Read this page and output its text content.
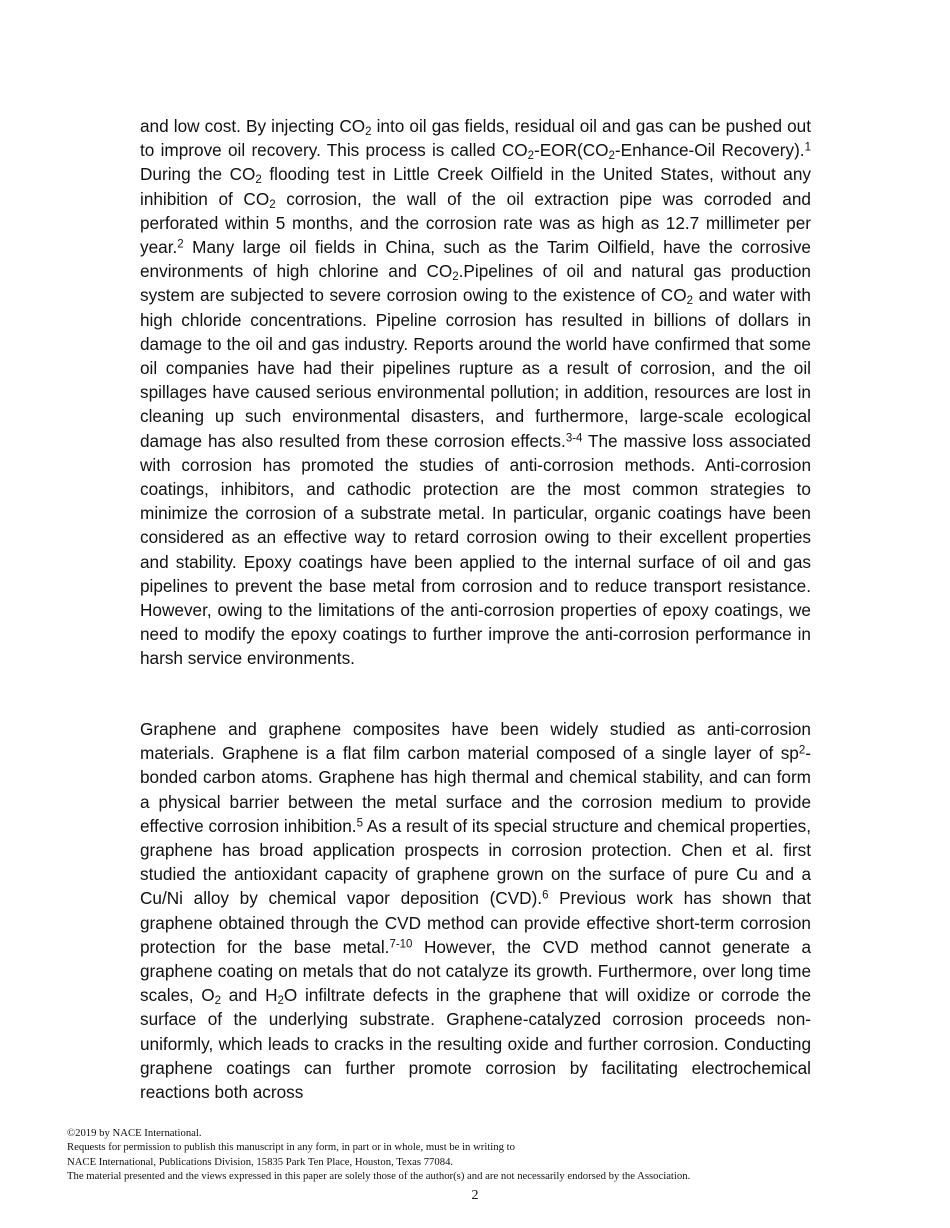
and low cost. By injecting $CO_2$ into oil gas fields, residual oil and gas can be pushed out to improve oil recovery. This process is called $CO_2-EOR(CO_2-Enhance$-Oil Recovery).$^1$ During the $CO_2$ flooding test in Little Creek Oilfield in the United States, without any inhibition of $CO_2$ corrosion, the wall of the oil extraction pipe was corroded and perforated within 5 months, and the corrosion rate was as high as 12.7 millimeter per year.$^2$ Many large oil fields in China, such as the Tarim Oilfield, have the corrosive environments of high chlorine and $CO_2.Pipelines$ of oil and natural gas production system are subjected to severe corrosion owing to the existence of $CO_2$ and water with high chloride concentrations. Pipeline corrosion has resulted in billions of dollars in damage to the oil and gas industry. Reports around the world have confirmed that some oil companies have had their pipelines rupture as a result of corrosion, and the oil spillages have caused serious environmental pollution; in addition, resources are lost in cleaning up such environmental disasters, and furthermore, large-scale ecological damage has also resulted from these corrosion effects.$^{3-4}$ The massive loss associated with corrosion has promoted the studies of anti-corrosion methods. Anti-corrosion coatings, inhibitors, and cathodic protection are the most common strategies to minimize the corrosion of a substrate metal. In particular, organic coatings have been considered as an effective way to retard corrosion owing to their excellent properties and stability. Epoxy coatings have been applied to the internal surface of oil and gas pipelines to prevent the base metal from corrosion and to reduce transport resistance. However, owing to the limitations of the anti-corrosion properties of epoxy coatings, we need to modify the epoxy coatings to further improve the anti-corrosion performance in harsh service environments.

Graphene and graphene composites have been widely studied as anti-corrosion materials. Graphene is a flat film carbon material composed of a single layer of $sp^2$-bonded carbon atoms. Graphene has high thermal and chemical stability, and can form a physical barrier between the metal surface and the corrosion medium to provide effective corrosion inhibition.$^5$ As a result of its special structure and chemical properties, graphene has broad application prospects in corrosion protection. Chen et al. first studied the antioxidant capacity of graphene grown on the surface of pure Cu and a Cu/Ni alloy by chemical vapor deposition (CVD).$^6$ Previous work has shown that graphene obtained through the CVD method can provide effective short-term corrosion protection for the base metal.$^{7-10}$ However, the CVD method cannot generate a graphene coating on metals that do not catalyze its growth. Furthermore, over long time scales, $O_2$ and $H_2O$ infiltrate defects in the graphene that will oxidize or corrode the surface of the underlying substrate. Graphene-catalyzed corrosion proceeds non-uniformly, which leads to cracks in the resulting oxide and further corrosion. Conducting graphene coatings can further promote corrosion by facilitating electrochemical reactions both across

©2019 by NACE International.
Requests for permission to publish this manuscript in any form, in part or in whole, must be in writing to
NACE International, Publications Division, 15835 Park Ten Place, Houston, Texas 77084.
The material presented and the views expressed in this paper are solely those of the author(s) and are not necessarily endorsed by the Association.
2
